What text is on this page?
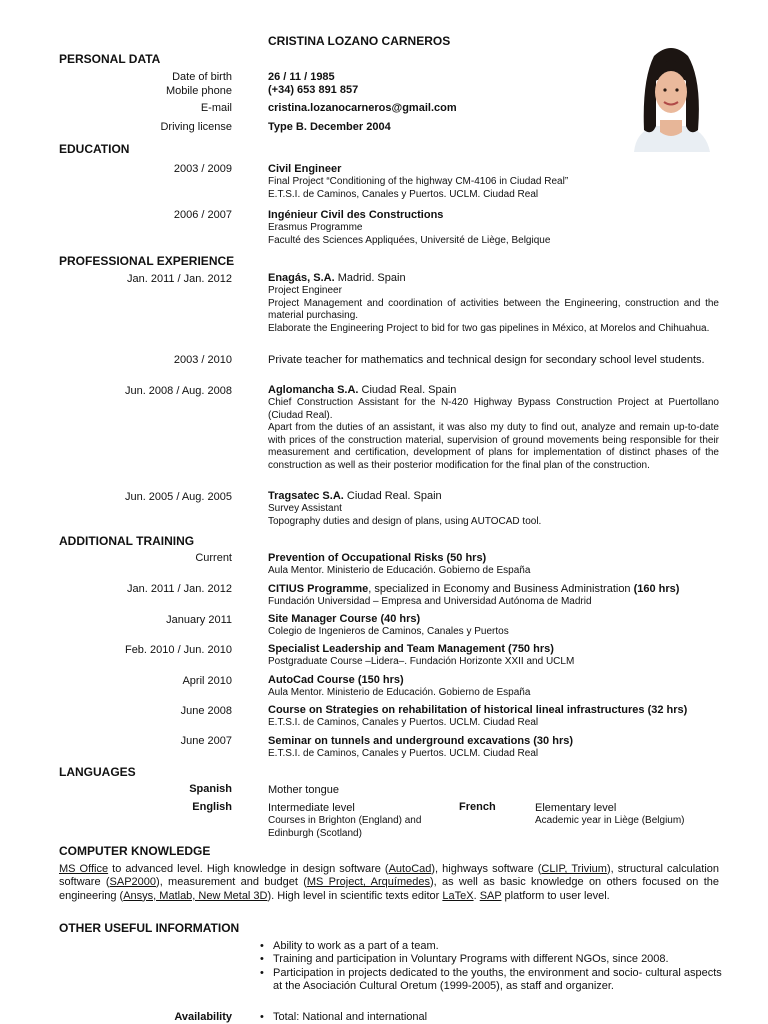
CRISTINA LOZANO CARNEROS
PERSONAL DATA
Date of birth	26 / 11 / 1985
Mobile phone	(+34) 653 891 857
E-mail	cristina.lozanocarneros@gmail.com
Driving license	Type B. December 2004
EDUCATION
2003 / 2009	Civil Engineer
Final Project “Conditioning of the highway CM-4106 in Ciudad Real”
E.T.S.I. de Caminos, Canales y Puertos. UCLM. Ciudad Real
2006 / 2007	Ingénieur Civil des Constructions
Erasmus Programme
Faculté des Sciences Appliquées, Université de Liège, Belgique
PROFESSIONAL EXPERIENCE
Jan. 2011 / Jan. 2012	Enagás, S.A. Madrid. Spain
Project Engineer
Project Management and coordination of activities between the Engineering, construction and the material purchasing.
Elaborate the Engineering Project to bid for two gas pipelines in México, at Morelos and Chihuahua.
2003 / 2010	Private teacher for mathematics and technical design for secondary school level students.
Jun. 2008 / Aug. 2008	Aglomancha S.A. Ciudad Real. Spain
Chief Construction Assistant for the N-420 Highway Bypass Construction Project at Puertollano (Ciudad Real).
Apart from the duties of an assistant, it was also my duty to find out, analyze and remain up-to-date with prices of the construction material, supervision of ground movements being responsible for their measurement and certification, development of plans for implementation of distinct phases of the construction as well as their posterior modification for the final plan of the construction.
Jun. 2005 / Aug. 2005	Tragsatec S.A. Ciudad Real. Spain
Survey Assistant
Topography duties and design of plans, using AUTOCAD tool.
ADDITIONAL TRAINING
Current	Prevention of Occupational Risks (50 hrs)
Aula Mentor. Ministerio de Educación. Gobierno de España
Jan. 2011 / Jan. 2012	CITIUS Programme, specialized in Economy and Business Administration (160 hrs)
Fundación Universidad – Empresa and Universidad Autónoma de Madrid
January 2011	Site Manager Course (40 hrs)
Colegio de Ingenieros de Caminos, Canales y Puertos
Feb. 2010 / Jun. 2010	Specialist Leadership and Team Management (750 hrs)
Postgraduate Course –Lidera–. Fundación Horizonte XXII and UCLM
April 2010	AutoCad Course (150 hrs)
Aula Mentor. Ministerio de Educación. Gobierno de España
June 2008	Course on Strategies on rehabilitation of historical lineal infrastructures (32 hrs)
E.T.S.I. de Caminos, Canales y Puertos. UCLM. Ciudad Real
June 2007	Seminar on tunnels and underground excavations (30 hrs)
E.T.S.I. de Caminos, Canales y Puertos. UCLM. Ciudad Real
LANGUAGES
Spanish	Mother tongue
English	Intermediate level
Courses in Brighton (England) and
Edinburgh (Scotland)
French	Elementary level
Academic year in Liège (Belgium)
COMPUTER KNOWLEDGE
MS Office to advanced level. High knowledge in design software (AutoCad), highways software (CLIP, Trivium), structural calculation software (SAP2000), measurement and budget (MS Project, Arquímedes), as well as basic knowledge on others focused on the engineering (Ansys, Matlab, New Metal 3D). High level in scientific texts editor LaTeX. SAP platform to user level.
OTHER USEFUL INFORMATION
• Ability to work as a part of a team.
• Training and participation in Voluntary Programs with different NGOs, since 2008.
• Participation in projects dedicated to the youths, the environment and socio- cultural aspects at the Asociación Cultural Oretum (1999-2005), as staff and organizer.
Availability
•	Total: National and international
